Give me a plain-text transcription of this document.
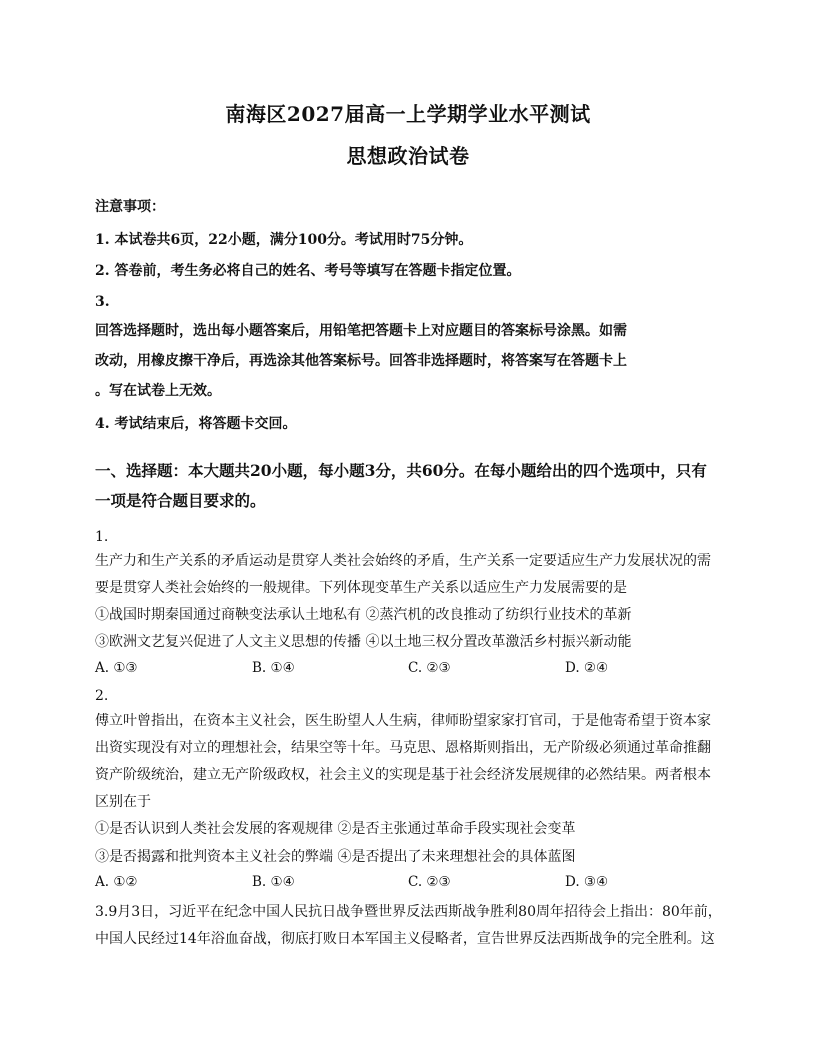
南海区2027届高一上学期学业水平测试
思想政治试卷
注意事项：
1. 本试卷共6页，22小题，满分100分。考试用时75分钟。
2. 答卷前，考生务必将自己的姓名、考号等填写在答题卡指定位置。
3.
回答选择题时，选出每小题答案后，用铅笔把答题卡上对应题目的答案标号涂黑。如需
改动，用橡皮擦干净后，再选涂其他答案标号。回答非选择题时，将答案写在答题卡上
。写在试卷上无效。
4. 考试结束后，将答题卡交回。
一、选择题：本大题共20小题，每小题3分，共60分。在每小题给出的四个选项中，只有
一项是符合题目要求的。
1.
生产力和生产关系的矛盾运动是贯穿人类社会始终的矛盾，生产关系一定要适应生产力发展状况的需
要是贯穿人类社会始终的一般规律。下列体现变革生产关系以适应生产力发展需要的是
①战国时期秦国通过商鞅变法承认土地私有 ②蒸汽机的改良推动了纺织行业技术的革新
③欧洲文艺复兴促进了人文主义思想的传播 ④以土地三权分置改革激活乡村振兴新动能
A. ①③	B. ①④	C. ②③	D. ②④
2.
傅立叶曾指出，在资本主义社会，医生盼望人人生病，律师盼望家家打官司，于是他寄希望于资本家
出资实现没有对立的理想社会，结果空等十年。马克思、恩格斯则指出，无产阶级必须通过革命推翻
资产阶级统治，建立无产阶级政权，社会主义的实现是基于社会经济发展规律的必然结果。两者根本
区别在于
①是否认识到人类社会发展的客观规律 ②是否主张通过革命手段实现社会变革
③是否揭露和批判资本主义社会的弊端 ④是否提出了未来理想社会的具体蓝图
A. ①②	B. ①④	C. ②③	D. ③④
3.9月3日，习近平在纪念中国人民抗日战争暨世界反法西斯战争胜利80周年招待会上指出：80年前，
中国人民经过14年浴血奋战，彻底打败日本军国主义侵略者，宣告世界反法西斯战争的完全胜利。这
